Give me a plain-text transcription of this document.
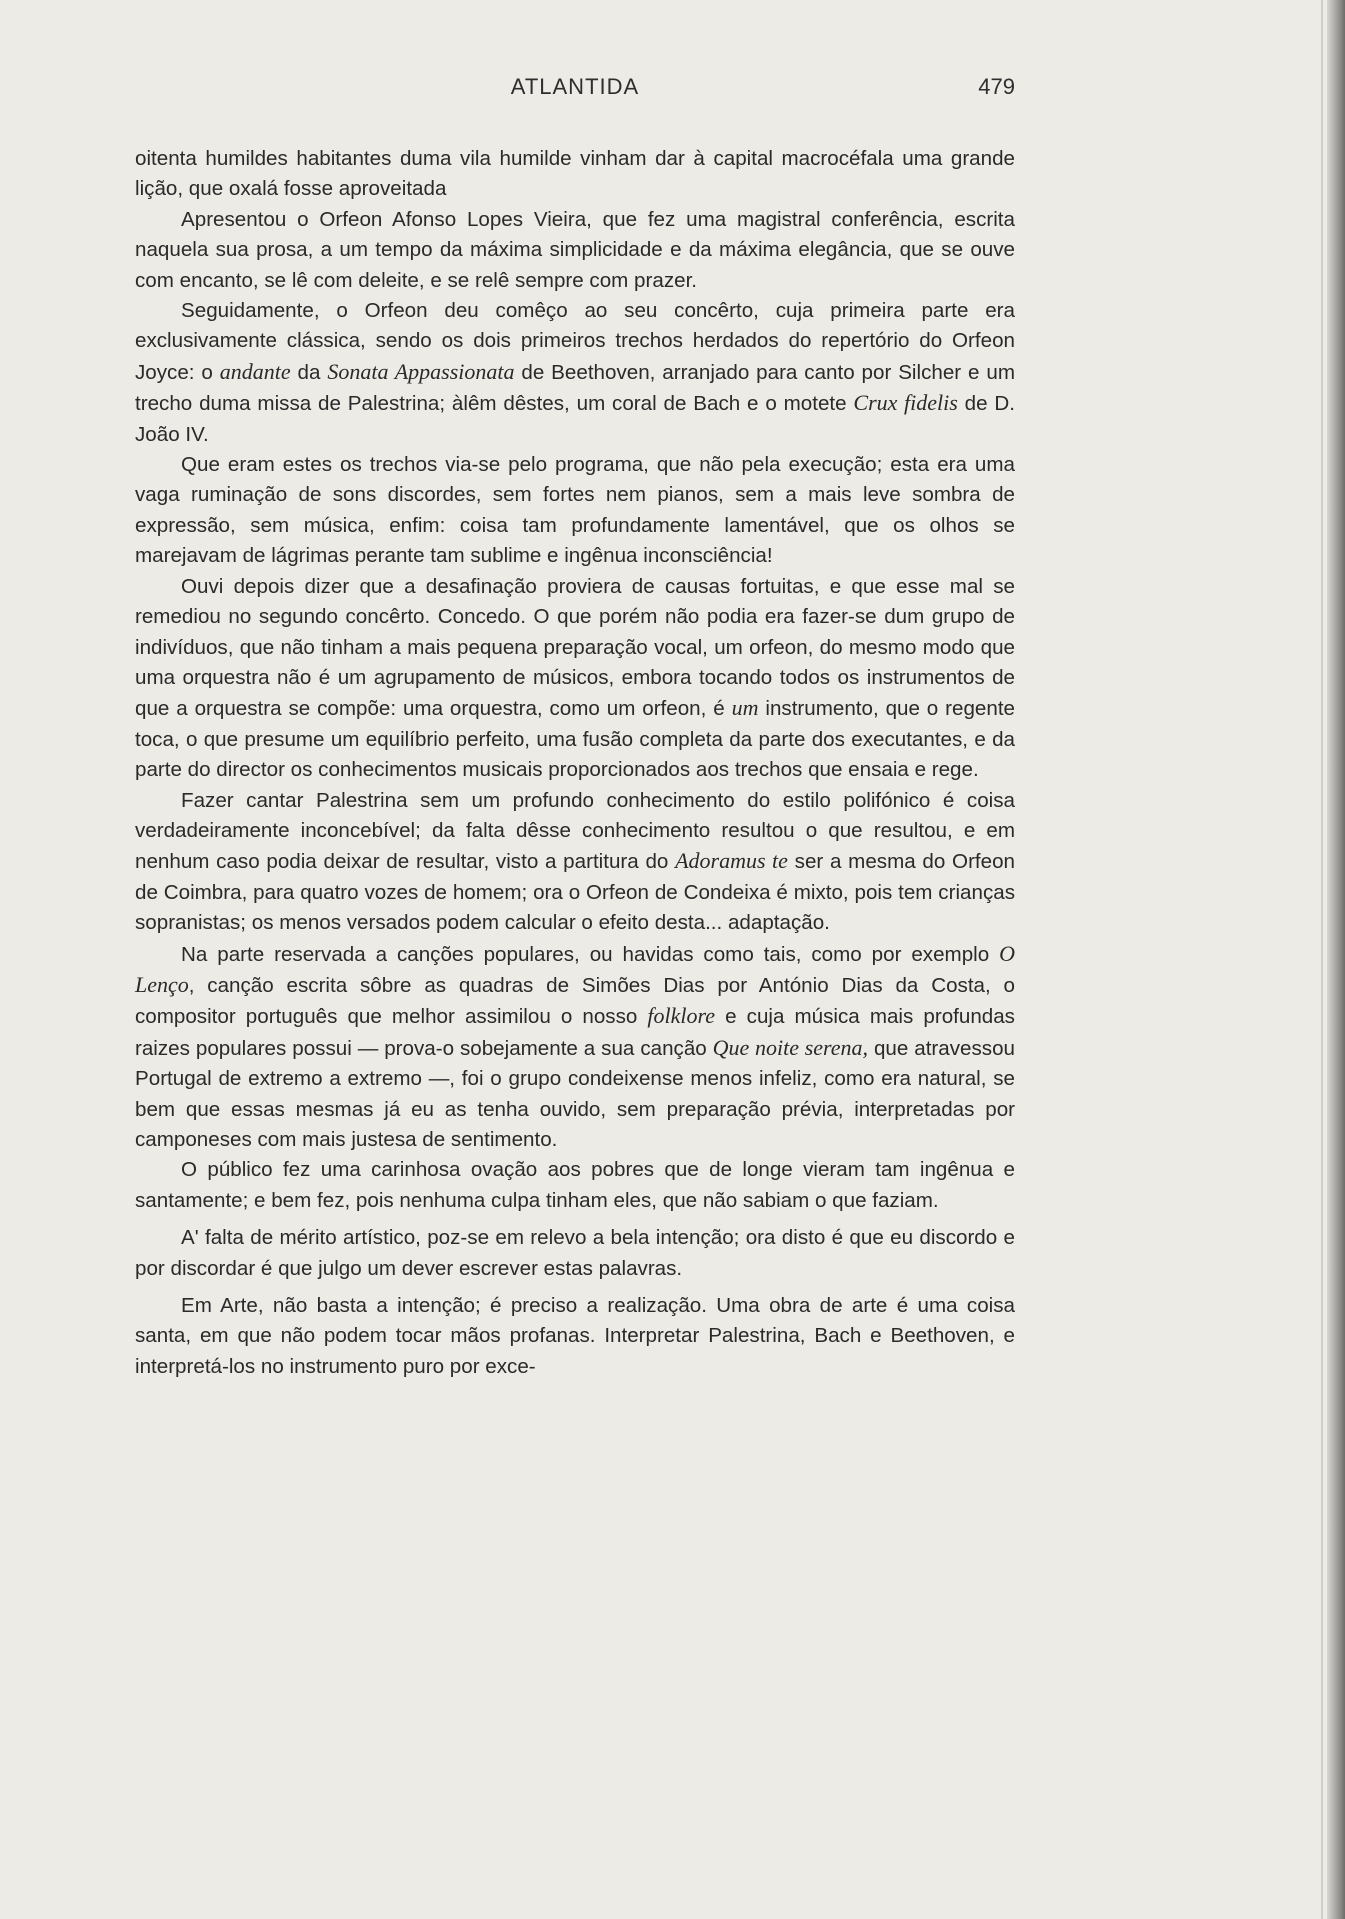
ATLANTIDA	479

oitenta humildes habitantes duma vila humilde vinham dar à capital macrocéfala uma grande lição, que oxalá fosse aproveitada

Apresentou o Orfeon Afonso Lopes Vieira, que fez uma magistral conferência, escrita naquela sua prosa, a um tempo da máxima simplicidade e da máxima elegância, que se ouve com encanto, se lê com deleite, e se relê sempre com prazer.

Seguidamente, o Orfeon deu comêço ao seu concêrto, cuja primeira parte era exclusivamente clássica, sendo os dois primeiros trechos herdados do repertório do Orfeon Joyce: o andante da Sonata Appassionata de Beethoven, arranjado para canto por Silcher e um trecho duma missa de Palestrina; àlêm dêstes, um coral de Bach e o motete Crux fidelis de D. João IV.

Que eram estes os trechos via-se pelo programa, que não pela execução; esta era uma vaga ruminação de sons discordes, sem fortes nem pianos, sem a mais leve sombra de expressão, sem música, enfim: coisa tam profundamente lamentável, que os olhos se marejavam de lágrimas perante tam sublime e ingênua inconsciência!

Ouvi depois dizer que a desafinação proviera de causas fortuitas, e que esse mal se remediou no segundo concêrto. Concedo. O que porém não podia era fazer-se dum grupo de indivíduos, que não tinham a mais pequena preparação vocal, um orfeon, do mesmo modo que uma orquestra não é um agrupamento de músicos, embora tocando todos os instrumentos de que a orquestra se compõe: uma orquestra, como um orfeon, é um instrumento, que o regente toca, o que presume um equilíbrio perfeito, uma fusão completa da parte dos executantes, e da parte do director os conhecimentos musicais proporcionados aos trechos que ensaia e rege.

Fazer cantar Palestrina sem um profundo conhecimento do estilo polifónico é coisa verdadeiramente inconcebível; da falta dêsse conhecimento resultou o que resultou, e em nenhum caso podia deixar de resultar, visto a partitura do Adoramus te ser a mesma do Orfeon de Coimbra, para quatro vozes de homem; ora o Orfeon de Condeixa é mixto, pois tem crianças sopranistas; os menos versados podem calcular o efeito desta... adaptação.

Na parte reservada a canções populares, ou havidas como tais, como por exemplo O Lenço, canção escrita sôbre as quadras de Simões Dias por António Dias da Costa, o compositor português que melhor assimilou o nosso folklore e cuja música mais profundas raizes populares possui — prova-o sobejamente a sua canção Que noite serena, que atravessou Portugal de extremo a extremo —, foi o grupo condeixense menos infeliz, como era natural, se bem que essas mesmas já eu as tenha ouvido, sem preparação prévia, interpretadas por camponeses com mais justesa de sentimento.

O público fez uma carinhosa ovação aos pobres que de longe vieram tam ingênua e santamente; e bem fez, pois nenhuma culpa tinham eles, que não sabiam o que faziam.

A' falta de mérito artístico, poz-se em relevo a bela intenção; ora disto é que eu discordo e por discordar é que julgo um dever escrever estas palavras.

Em Arte, não basta a intenção; é preciso a realização. Uma obra de arte é uma coisa santa, em que não podem tocar mãos profanas. Interpretar Palestrina, Bach e Beethoven, e interpretá-los no instrumento puro por exce-
